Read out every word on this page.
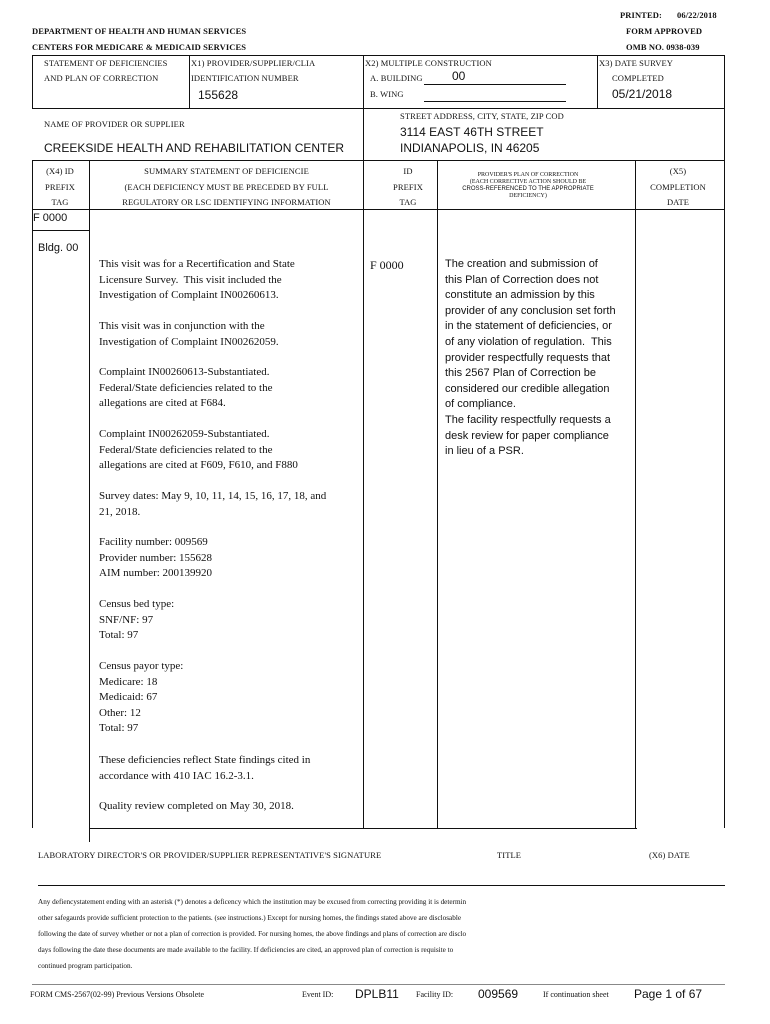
PRINTED: 06/22/2018
FORM APPROVED
OMB NO. 0938-039
DEPARTMENT OF HEALTH AND HUMAN SERVICES
CENTERS FOR MEDICARE & MEDICAID SERVICES
STATEMENT OF DEFICIENCIES
AND PLAN OF CORRECTION
X1) PROVIDER/SUPPLIER/CLIA
IDENTIFICATION NUMBER
155628
X2) MULTIPLE CONSTRUCTION
A. BUILDING 00
B. WING
X3) DATE SURVEY
COMPLETED
05/21/2018
NAME OF PROVIDER OR SUPPLIER
CREEKSIDE HEALTH AND REHABILITATION CENTER
STREET ADDRESS, CITY, STATE, ZIP COD
3114 EAST 46TH STREET
INDIANAPOLIS, IN 46205
(X4) ID
PREFIX
TAG
SUMMARY STATEMENT OF DEFICIENCIE
(EACH DEFICIENCY MUST BE PRECEDED BY FULL
REGULATORY OR LSC IDENTIFYING INFORMATION
ID
PREFIX
TAG
PROVIDER'S PLAN OF CORRECTION
(EACH CORRECTIVE ACTION SHOULD BE
CROSS-REFERENCED TO THE APPROPRIATE
DEFICIENCY)
(X5)
COMPLETION
DATE
F 0000
Bldg. 00
F 0000
This visit was for a Recertification and State
Licensure Survey.  This visit included the
Investigation of Complaint IN00260613.
This visit was in conjunction with the
Investigation of Complaint IN00262059.
Complaint IN00260613-Substantiated.
Federal/State deficiencies related to the
allegations are cited at F684.
Complaint IN00262059-Substantiated.
Federal/State deficiencies related to the
allegations are cited at F609, F610, and F880
Survey dates: May 9, 10, 11, 14, 15, 16, 17, 18, and
21, 2018.
Facility number: 009569
Provider number: 155628
AIM number: 200139920
Census bed type:
SNF/NF: 97
Total: 97
Census payor type:
Medicare: 18
Medicaid: 67
Other: 12
Total: 97
These deficiencies reflect State findings cited in
accordance with 410 IAC 16.2-3.1.
Quality review completed on May 30, 2018.
The creation and submission of
this Plan of Correction does not
constitute an admission by this
provider of any conclusion set forth
in the statement of deficiencies, or
of any violation of regulation.  This
provider respectfully requests that
this 2567 Plan of Correction be
considered our credible allegation
of compliance.
The facility respectfully requests a
desk review for paper compliance
in lieu of a PSR.
LABORATORY DIRECTOR'S OR PROVIDER/SUPPLIER REPRESENTATIVE'S SIGNATURE	TITLE	(X6) DATE
Any defiencystatement ending with an asterisk (*) denotes a deficency which the institution may be excused from correcting providing it is determin
other safegaurds provide sufficient protection to the patients. (see instructions.) Except for nursing homes, the findings stated above are disclosable
following the date of survey whether or not a plan of correction is provided. For nursing homes, the above findings and plans of correction are disclo
days following the date these documents are made available to the facility. If deficiencies are cited, an approved plan of correction is requisite to
continued program participation.
FORM CMS-2567(02-99) Previous Versions Obsolete	Event ID: DPLB11 Facility ID: 009569	If continuation sheet Page 1 of 67
